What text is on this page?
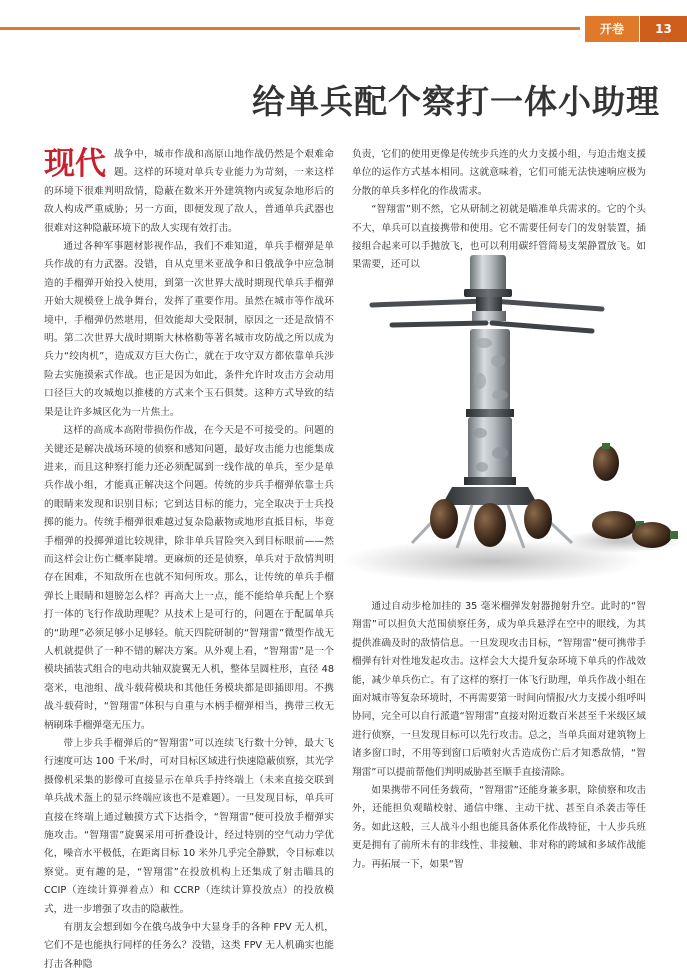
开卷	13
给单兵配个察打一体小助理

现代 战争中，城市作战和高原山地作战仍然是个艰难命题。这样的环境对单兵专业能力为苛刻，一来这样的环境下很难判明敌情，隐蔽在数米开外建筑物内或复杂地形后的敌人构成严重威胁；另一方面，即便发现了敌人，普通单兵武器也很难对这种隐蔽环境下的敌人实现有效打击。

通过各种军事题材影视作品，我们不难知道，单兵手榴弹是单兵作战的有力武器。没错，自从克里米亚战争和日俄战争中应急制造的手榴弹开始投入使用，到第一次世界大战时期现代单兵手榴弹开始大规模登上战争舞台，发挥了重要作用。虽然在城市等作战环境中，手榴弹仍然堪用，但效能却大受限制，原因之一还是敌情不明。第二次世界大战时期斯大林格勒等著名城市攻防战之所以成为兵力“绞肉机”，造成双方巨大伤亡，就在于攻守双方都依靠单兵涉险去实施摸索式作战。也正是因为如此，条件允许时攻击方会动用口径巨大的攻城炮以推楼的方式来个玉石俱焚。这种方式导致的结果是让许多城区化为一片焦土。

这样的高成本高附带损伤作战，在今天是不可接受的。问题的关键还是解决战场环境的侦察和感知问题，最好攻击能力也能集成进来，而且这种察打能力还必须配属到一线作战的单兵，至少是单兵作战小组，才能真正解决这个问题。传统的步兵手榴弹依靠士兵的眼睛来发现和识别目标；它到达目标的能力，完全取决于士兵投掷的能力。传统手榴弹很难越过复杂隐蔽物或地形直抵目标，毕竟手榴弹的投掷弹道比较规律，除非单兵冒险突入到目标眼前——然而这样会让伤亡概率陡增。更麻烦的还是侦察，单兵对于敌情判明存在困难，不知敌所在也就不知何所攻。那么，让传统的单兵手榴弹长上眼睛和翅膀怎么样？再高大上一点，能不能给单兵配上个察打一体的飞行作战助理呢？从技术上是可行的，问题在于配属单兵的“助理”必须足够小足够轻。航天四院研制的“智翔雷”微型作战无人机就提供了一种不错的解决方案。从外观上看，“智翔雷”是一个模块插装式组合的电动共轴双旋翼无人机，整体呈圆柱形，直径 48 毫米，电池组、战斗载荷模块和其他任务模块都是即插即用。不携战斗载荷时，“智翔雷”体积与自重与木柄手榴弹相当，携带三枚无柄刷珠手榴弹毫无压力。

带上步兵手榴弹后的“智翔雷”可以连续飞行数十分钟，最大飞行速度可达 100 千米/时，可对目标区域进行快速隐蔽侦察，其光学摄像机采集的影像可直接显示在单兵手持终端上（未来直接交联到单兵战术盔上的显示终端应该也不是难题）。一旦发现目标，单兵可直接在终端上通过触摸方式下达指令，“智翔雷”便可投放手榴弹实施攻击。“智翔雷”旋翼采用可折叠设计，经过特别的空气动力学优化，噪音水平极低，在距离目标 10 米外几乎完全静默，令目标难以察觉。更有趣的是，“智翔雷”在投放机构上还集成了射击瞄具的 CCIP（连续计算弹着点）和 CCRP（连续计算投放点）的投放模式，进一步增强了攻击的隐蔽性。

有朋友会想到如今在俄乌战争中大显身手的各种 FPV 无人机，它们不是也能执行同样的任务么？没错，这类 FPV 无人机确实也能打击各种隐

负责，它们的使用更像是传统步兵连的火力支援小组，与迫击炮支援单位的运作方式基本相同。这就意味着，它们可能无法快速响应极为分散的单兵多样化的作战需求。

“智翔雷”则不然，它从研制之初就是瞄准单兵需求的。它的个头不大，单兵可以直接携带和使用。它不需要任何专门的发射装置，插接组合起来可以手抛放飞，也可以利用碳纤管简易支架静置放飞。如果需要，还可以

通过自动步枪加挂的 35 毫米榴弹发射器抛射升空。此时的“智翔雷”可以担负大范围侦察任务，成为单兵悬浮在空中的眼线，为其提供准确及时的敌情信息。一旦发现攻击目标，“智翔雷”便可携带手榴弹有针对性地发起攻击。这样会大大提升复杂环境下单兵的作战效能，减少单兵伤亡。有了这样的察打一体飞行助理，单兵作战小组在面对城市等复杂环境时，不再需要第一时间向情报/火力支援小组呼叫协同，完全可以自行派遣“智翔雷”直接对附近数百米甚至千米级区域进行侦察，一旦发现目标可以先行攻击。总之，当单兵面对建筑物上诸多窗口时，不用等到窗口后喷射火舌造成伤亡后才知悉敌情，“智翔雷”可以提前帮他们判明威胁甚至顺手直接清除。

如果携带不同任务载荷，“智翔雷”还能身兼多职，除侦察和攻击外，还能担负观瞄校射、通信中继、主动干扰、甚至自杀袭击等任务。如此这般，三人战斗小组也能具备体系化作战特征，十人步兵班更是拥有了前所未有的非线性、非接触、非对称的跨域和多域作战能力。再拓展一下，如果“智
